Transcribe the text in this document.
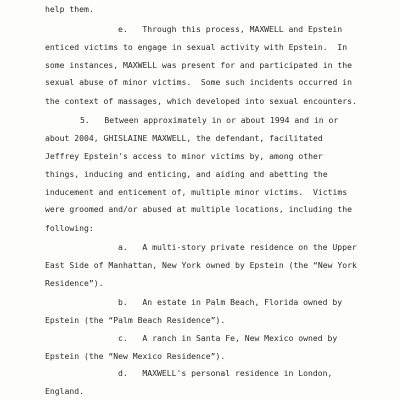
help them.
e.   Through this process, MAXWELL and Epstein
enticed victims to engage in sexual activity with Epstein.  In
some instances, MAXWELL was present for and participated in the
sexual abuse of minor victims.  Some such incidents occurred in
the context of massages, which developed into sexual encounters.
5.   Between approximately in or about 1994 and in or
about 2004, GHISLAINE MAXWELL, the defendant, facilitated
Jeffrey Epstein's access to minor victims by, among other
things, inducing and enticing, and aiding and abetting the
inducement and enticement of, multiple minor victims.  Victims
were groomed and/or abused at multiple locations, including the
following:
a.   A multi-story private residence on the Upper
East Side of Manhattan, New York owned by Epstein (the “New York
Residence”).
b.   An estate in Palm Beach, Florida owned by
Epstein (the “Palm Beach Residence”).
c.   A ranch in Santa Fe, New Mexico owned by
Epstein (the “New Mexico Residence”).
d.   MAXWELL's personal residence in London,
England.
